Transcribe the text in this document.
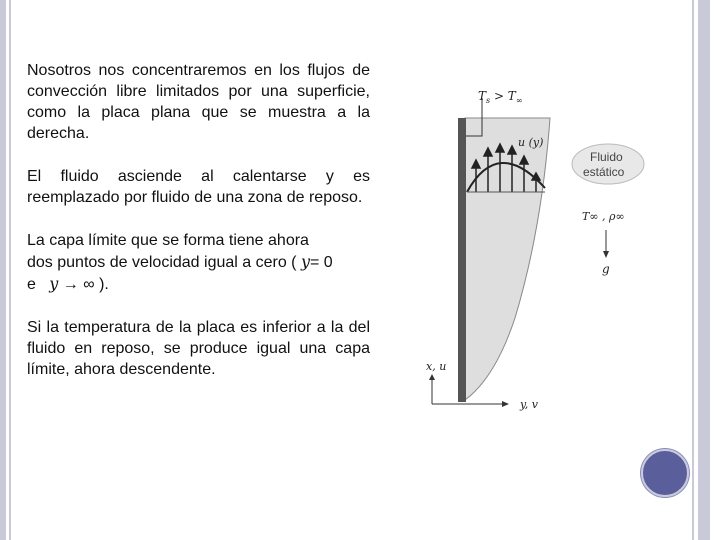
Nosotros nos concentraremos en los flujos de convección libre limitados por una superficie, como la placa plana que se muestra a la derecha.

El fluido asciende al calentarse y es reemplazado por fluido de una zona de reposo.

La capa límite que se forma tiene ahora
dos puntos de velocidad igual a cero ( y= 0
e y → ∞ ).

Si la temperatura de la placa es inferior a la del fluido en reposo, se produce igual una capa límite, ahora descendente.

$T_s > T_\infty$
u (y)
Fluido
estático
T∞ , ρ∞
g
x, u
y, v
